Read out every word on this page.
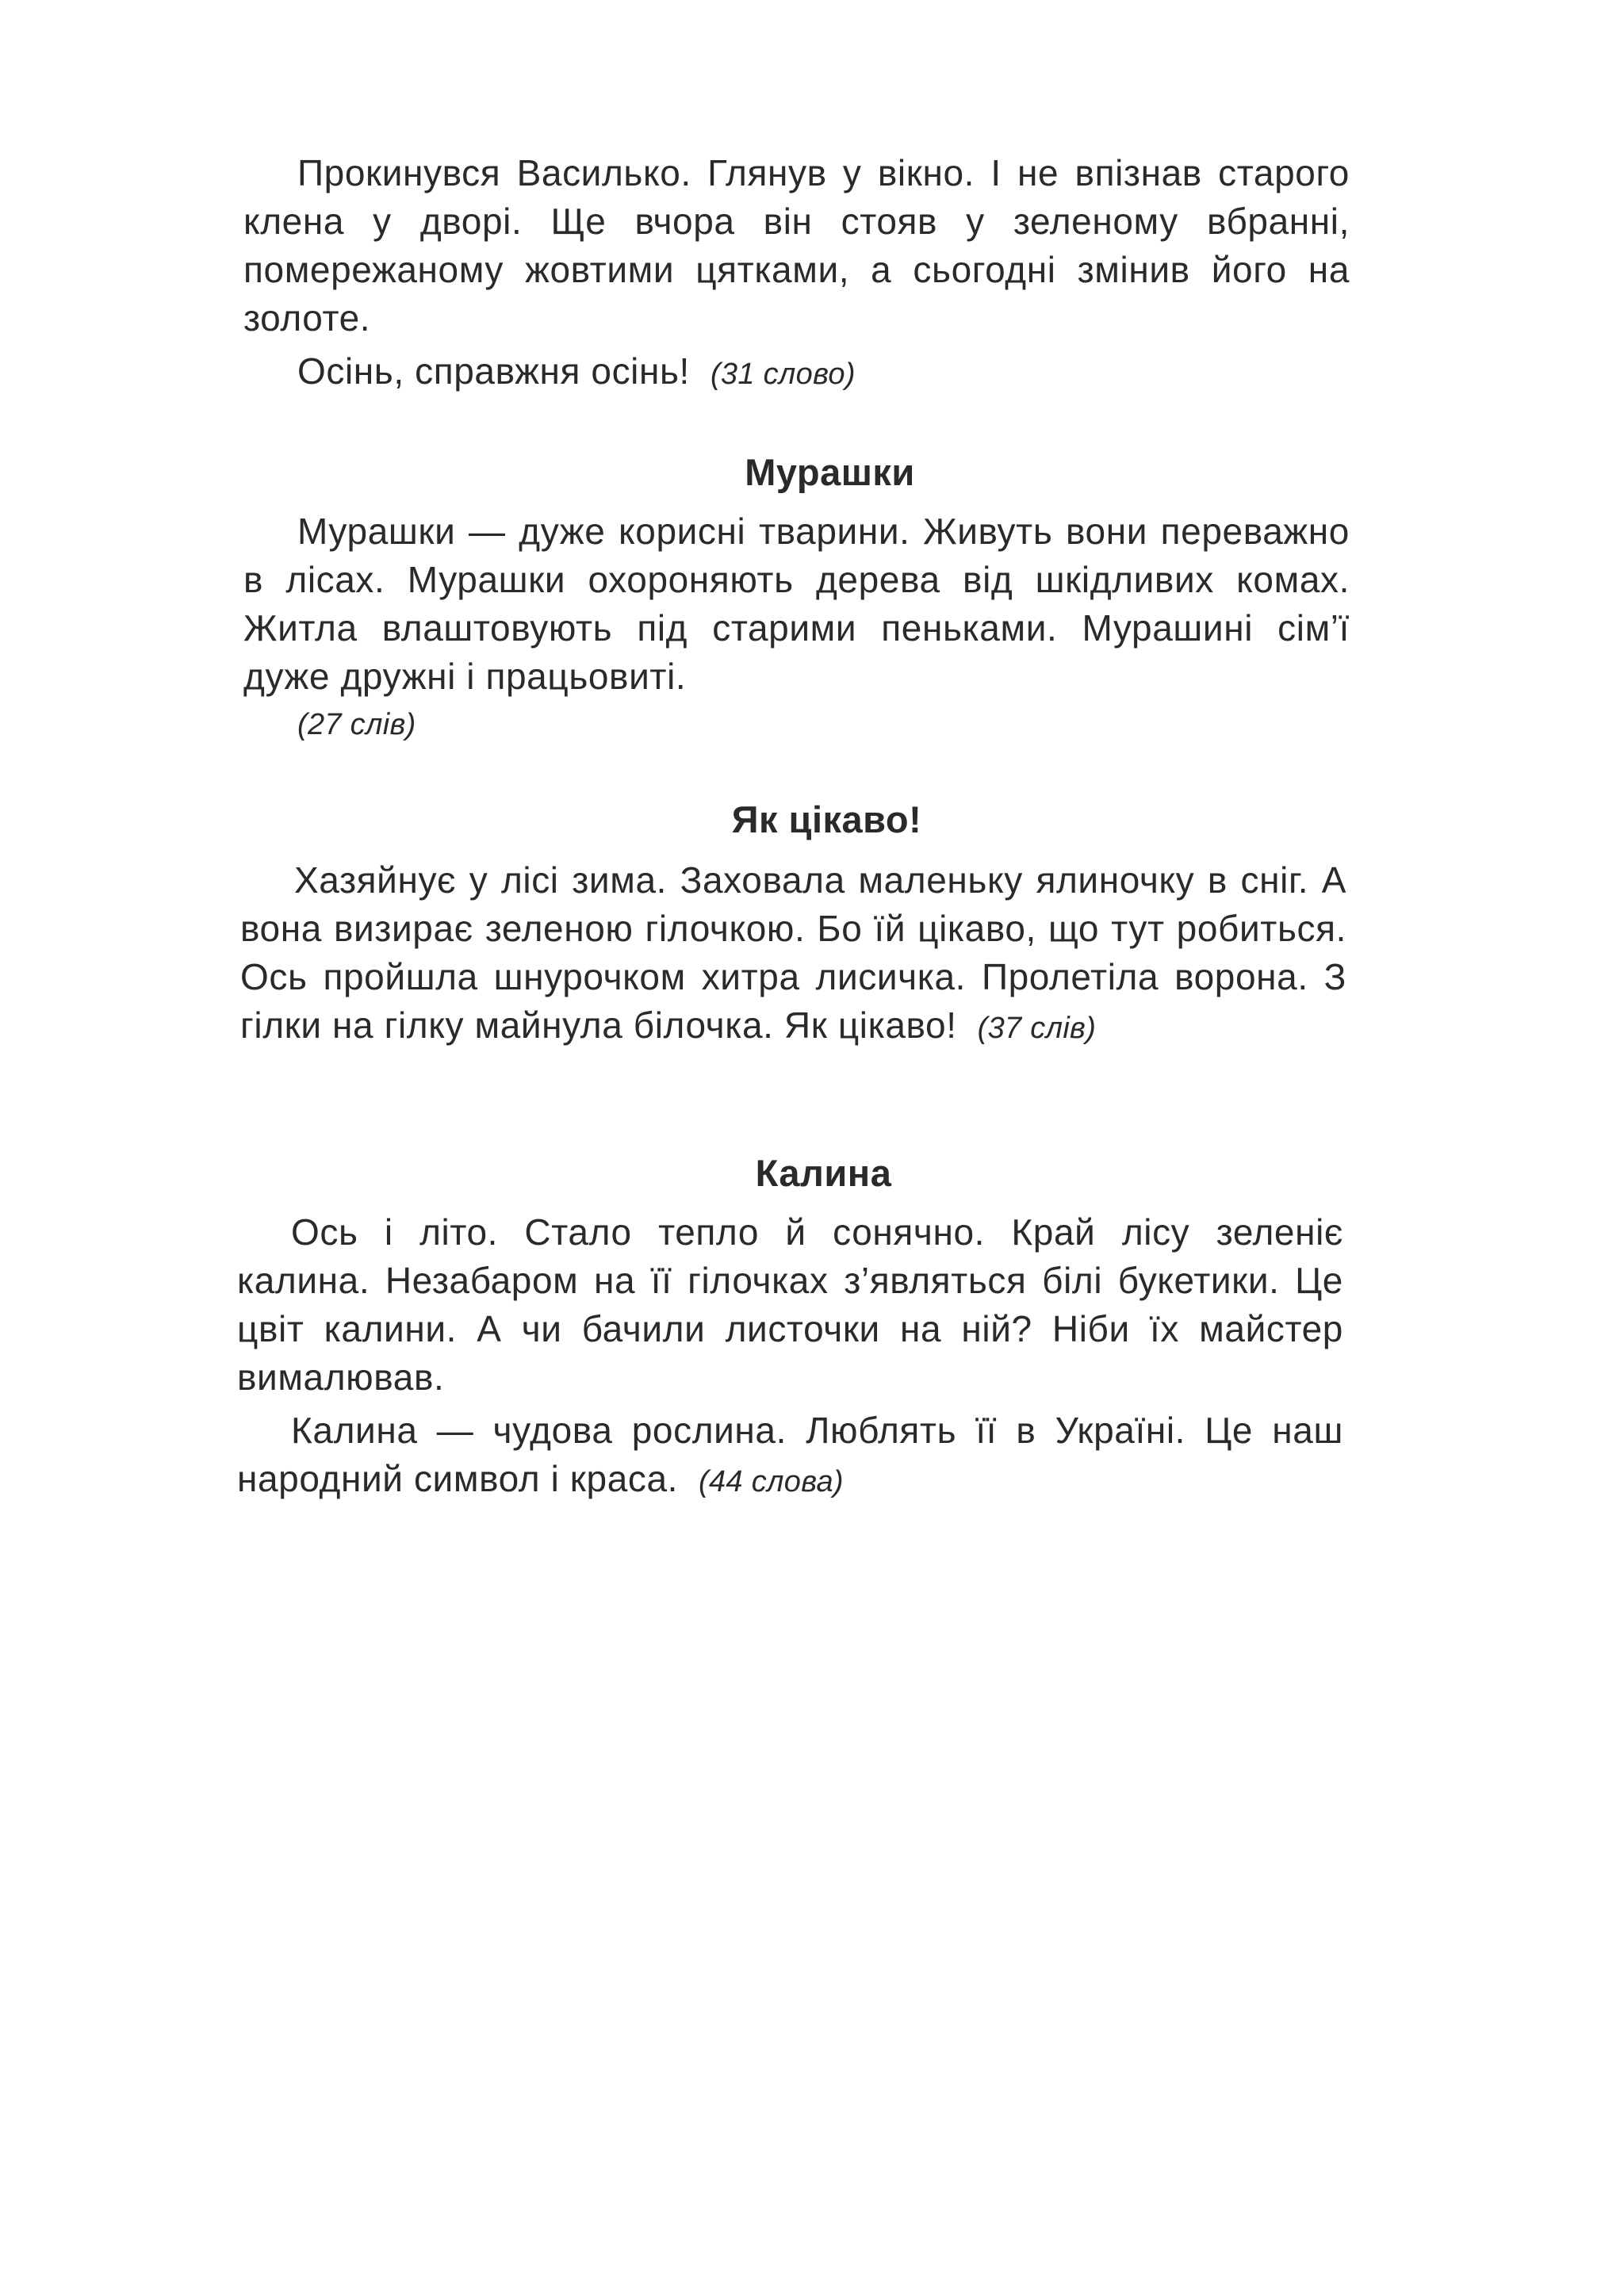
Прокинувся Василько. Глянув у вікно. І не впізнав старого клена у дворі. Ще вчора він стояв у зеленому вбранні, помережаному жовтими цятками, а сьогодні змінив його на золоте.

Осінь, справжня осінь! (31 слово)

Мурашки

Мурашки — дуже корисні тварини. Живуть вони переважно в лісах. Мурашки охороняють дерева від шкідливих комах. Житла влаштовують під старими пеньками. Мурашині сім’ї дуже дружні і працьовиті.
(27 слів)

Як цікаво!

Хазяйнує у лісі зима. Заховала маленьку ялиночку в сніг. А вона визирає зеленою гілочкою. Бо їй цікаво, що тут робиться. Ось пройшла шнурочком хитра лисичка. Пролетіла ворона. З гілки на гілку майнула білочка. Як цікаво! (37 слів)

Калина

Ось і літо. Стало тепло й сонячно. Край лісу зеленіє калина. Незабаром на її гілочках з’являться білі букетики. Це цвіт калини. А чи бачили листочки на ній? Ніби їх майстер вималював.

Калина — чудова рослина. Люблять її в Україні. Це наш народний символ і краса. (44 слова)
